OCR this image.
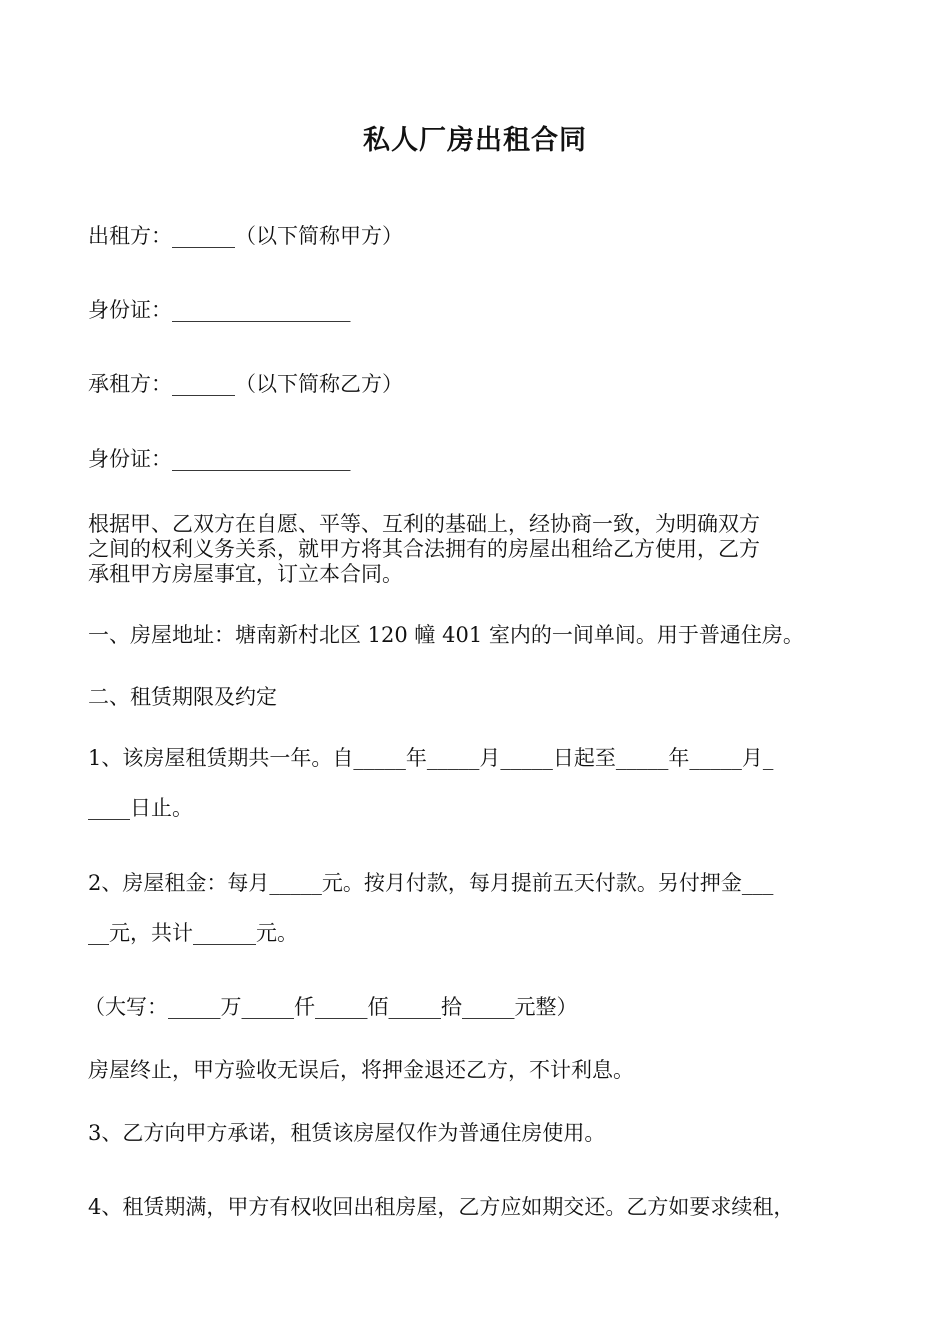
私人厂房出租合同
出租方：______（以下简称甲方）
身份证：_________________
承租方：______（以下简称乙方）
身份证：_________________
根据甲、乙双方在自愿、平等、互利的基础上，经协商一致，为明确双方
之间的权利义务关系，就甲方将其合法拥有的房屋出租给乙方使用，乙方
承租甲方房屋事宜，订立本合同。
一、房屋地址：塘南新村北区 120 幢 401 室内的一间单间。用于普通住房。
二、租赁期限及约定
1、该房屋租赁期共一年。自_____年_____月_____日起至_____年_____月_
____日止。
2、房屋租金：每月_____元。按月付款，每月提前五天付款。另付押金___
__元，共计______元。
（大写：_____万_____仟_____佰_____拾_____元整）
房屋终止，甲方验收无误后，将押金退还乙方，不计利息。
3、乙方向甲方承诺，租赁该房屋仅作为普通住房使用。
4、租赁期满，甲方有权收回出租房屋，乙方应如期交还。乙方如要求续租，
